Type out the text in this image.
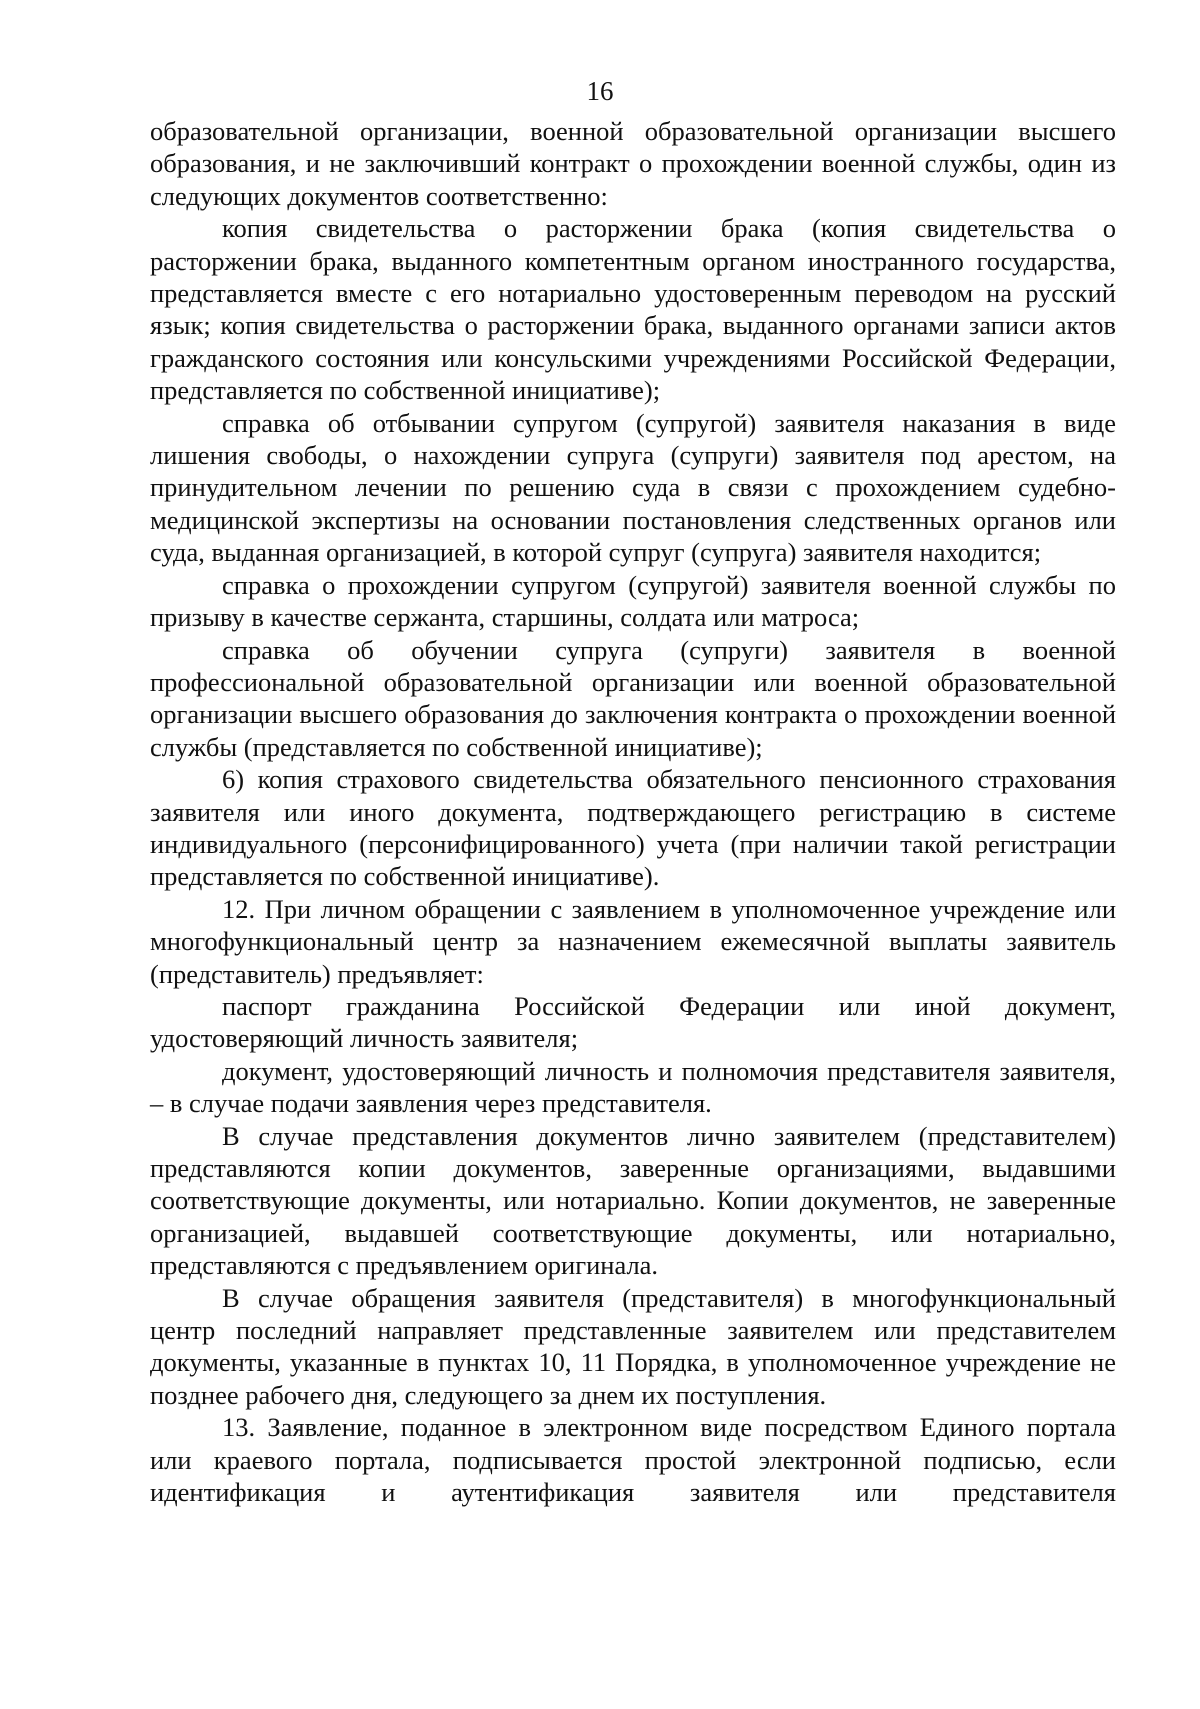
16

образовательной организации, военной образовательной организации высшего образования, и не заключивший контракт о прохождении военной службы, один из следующих документов соответственно:

копия свидетельства о расторжении брака (копия свидетельства о расторжении брака, выданного компетентным органом иностранного государства, представляется вместе с его нотариально удостоверенным переводом на русский язык; копия свидетельства о расторжении брака, выданного органами записи актов гражданского состояния или консульскими учреждениями Российской Федерации, представляется по собственной инициативе);

справка об отбывании супругом (супругой) заявителя наказания в виде лишения свободы, о нахождении супруга (супруги) заявителя под арестом, на принудительном лечении по решению суда в связи с прохождением судебно-медицинской экспертизы на основании постановления следственных органов или суда, выданная организацией, в которой супруг (супруга) заявителя находится;

справка о прохождении супругом (супругой) заявителя военной службы по призыву в качестве сержанта, старшины, солдата или матроса;

справка об обучении супруга (супруги) заявителя в военной профессиональной образовательной организации или военной образовательной организации высшего образования до заключения контракта о прохождении военной службы (представляется по собственной инициативе);

6) копия страхового свидетельства обязательного пенсионного страхования заявителя или иного документа, подтверждающего регистрацию в системе индивидуального (персонифицированного) учета (при наличии такой регистрации представляется по собственной инициативе).

12. При личном обращении с заявлением в уполномоченное учреждение или многофункциональный центр за назначением ежемесячной выплаты заявитель (представитель) предъявляет:

паспорт гражданина Российской Федерации или иной документ, удостоверяющий личность заявителя;

документ, удостоверяющий личность и полномочия представителя заявителя, – в случае подачи заявления через представителя.

В случае представления документов лично заявителем (представителем) представляются копии документов, заверенные организациями, выдавшими соответствующие документы, или нотариально. Копии документов, не заверенные организацией, выдавшей соответствующие документы, или нотариально, представляются с предъявлением оригинала.

В случае обращения заявителя (представителя) в многофункциональный центр последний направляет представленные заявителем или представителем документы, указанные в пунктах 10, 11 Порядка, в уполномоченное учреждение не позднее рабочего дня, следующего за днем их поступления.

13. Заявление, поданное в электронном виде посредством Единого портала или краевого портала, подписывается простой электронной подписью, если идентификация и аутентификация заявителя или представителя
